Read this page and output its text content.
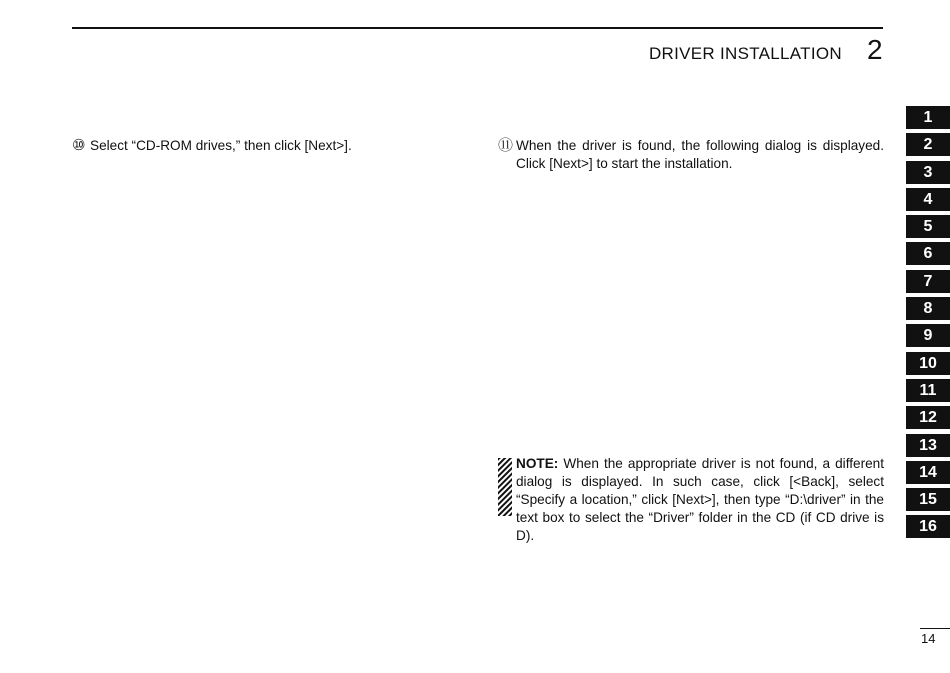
DRIVER INSTALLATION 2
⑩ Select “CD-ROM drives,” then click [Next>].	⑪ When the driver is found, the following dialog is displayed. Click [Next>] to start the installation.
NOTE: When the appropriate driver is not found, a different dialog is displayed. In such case, click [<Back], select “Specify a location,” click [Next>], then type “D:\driver” in the text box to select the “Driver” folder in the CD (if CD drive is D).
1
2
3
4
5
6
7
8
9
10
11
12
13
14
15
16
14
